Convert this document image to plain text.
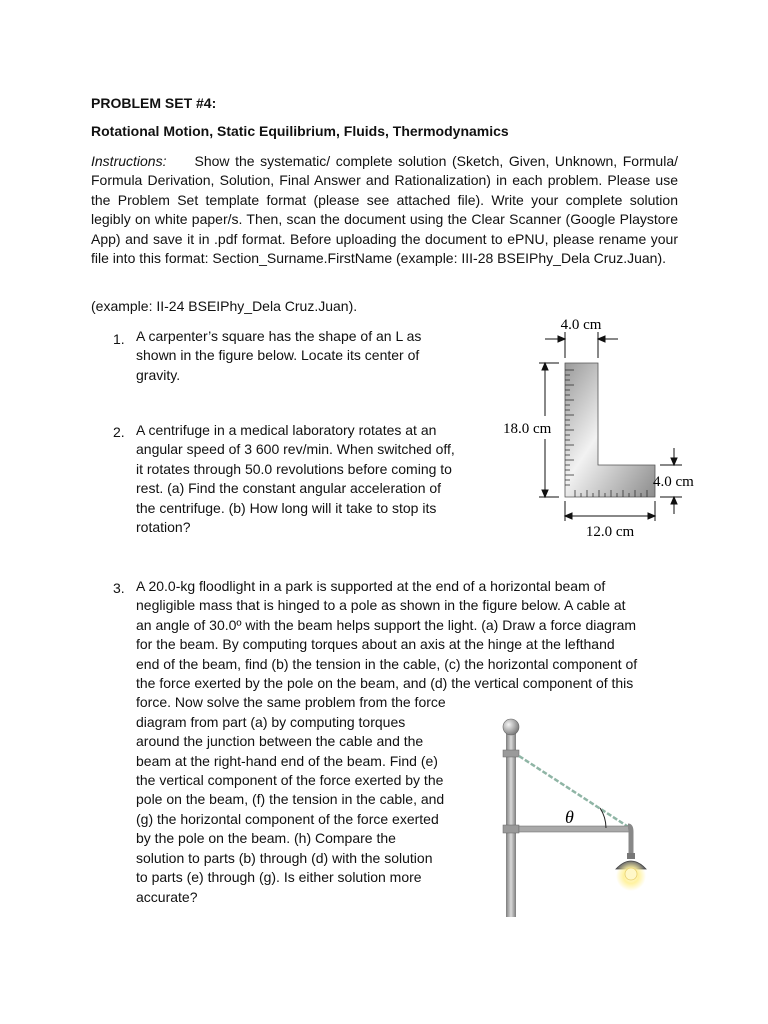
PROBLEM SET #4:
Rotational Motion, Static Equilibrium, Fluids, Thermodynamics
Instructions: Show the systematic/ complete solution (Sketch, Given, Unknown, Formula/ Formula Derivation, Solution, Final Answer and Rationalization) in each problem. Please use the Problem Set template format (please see attached file). Write your complete solution legibly on white paper/s. Then, scan the document using the Clear Scanner (Google Playstore App) and save it in .pdf format. Before uploading the document to ePNU, please rename your file into this format: Section_Surname.FirstName (example: III-28 BSEIPhy_Dela Cruz.Juan).
(example: II-24 BSEIPhy_Dela Cruz.Juan).
1. A carpenter’s square has the shape of an L as
shown in the figure below. Locate its center of
gravity.
2. A centrifuge in a medical laboratory rotates at an
angular speed of 3 600 rev/min. When switched off,
it rotates through 50.0 revolutions before coming to
rest. (a) Find the constant angular acceleration of
the centrifuge. (b) How long will it take to stop its
rotation?
3. A 20.0-kg floodlight in a park is supported at the end of a horizontal beam of
negligible mass that is hinged to a pole as shown in the figure below. A cable at
an angle of 30.0º with the beam helps support the light. (a) Draw a force diagram
for the beam. By computing torques about an axis at the hinge at the lefthand
end of the beam, find (b) the tension in the cable, (c) the horizontal component of
the force exerted by the pole on the beam, and (d) the vertical component of this
force. Now solve the same problem from the force
diagram from part (a) by computing torques
around the junction between the cable and the
beam at the right-hand end of the beam. Find (e)
the vertical component of the force exerted by the
pole on the beam, (f) the tension in the cable, and
(g) the horizontal component of the force exerted
by the pole on the beam. (h) Compare the
solution to parts (b) through (d) with the solution
to parts (e) through (g). Is either solution more
accurate?
4.0 cm
18.0 cm
4.0 cm
12.0 cm
θ
